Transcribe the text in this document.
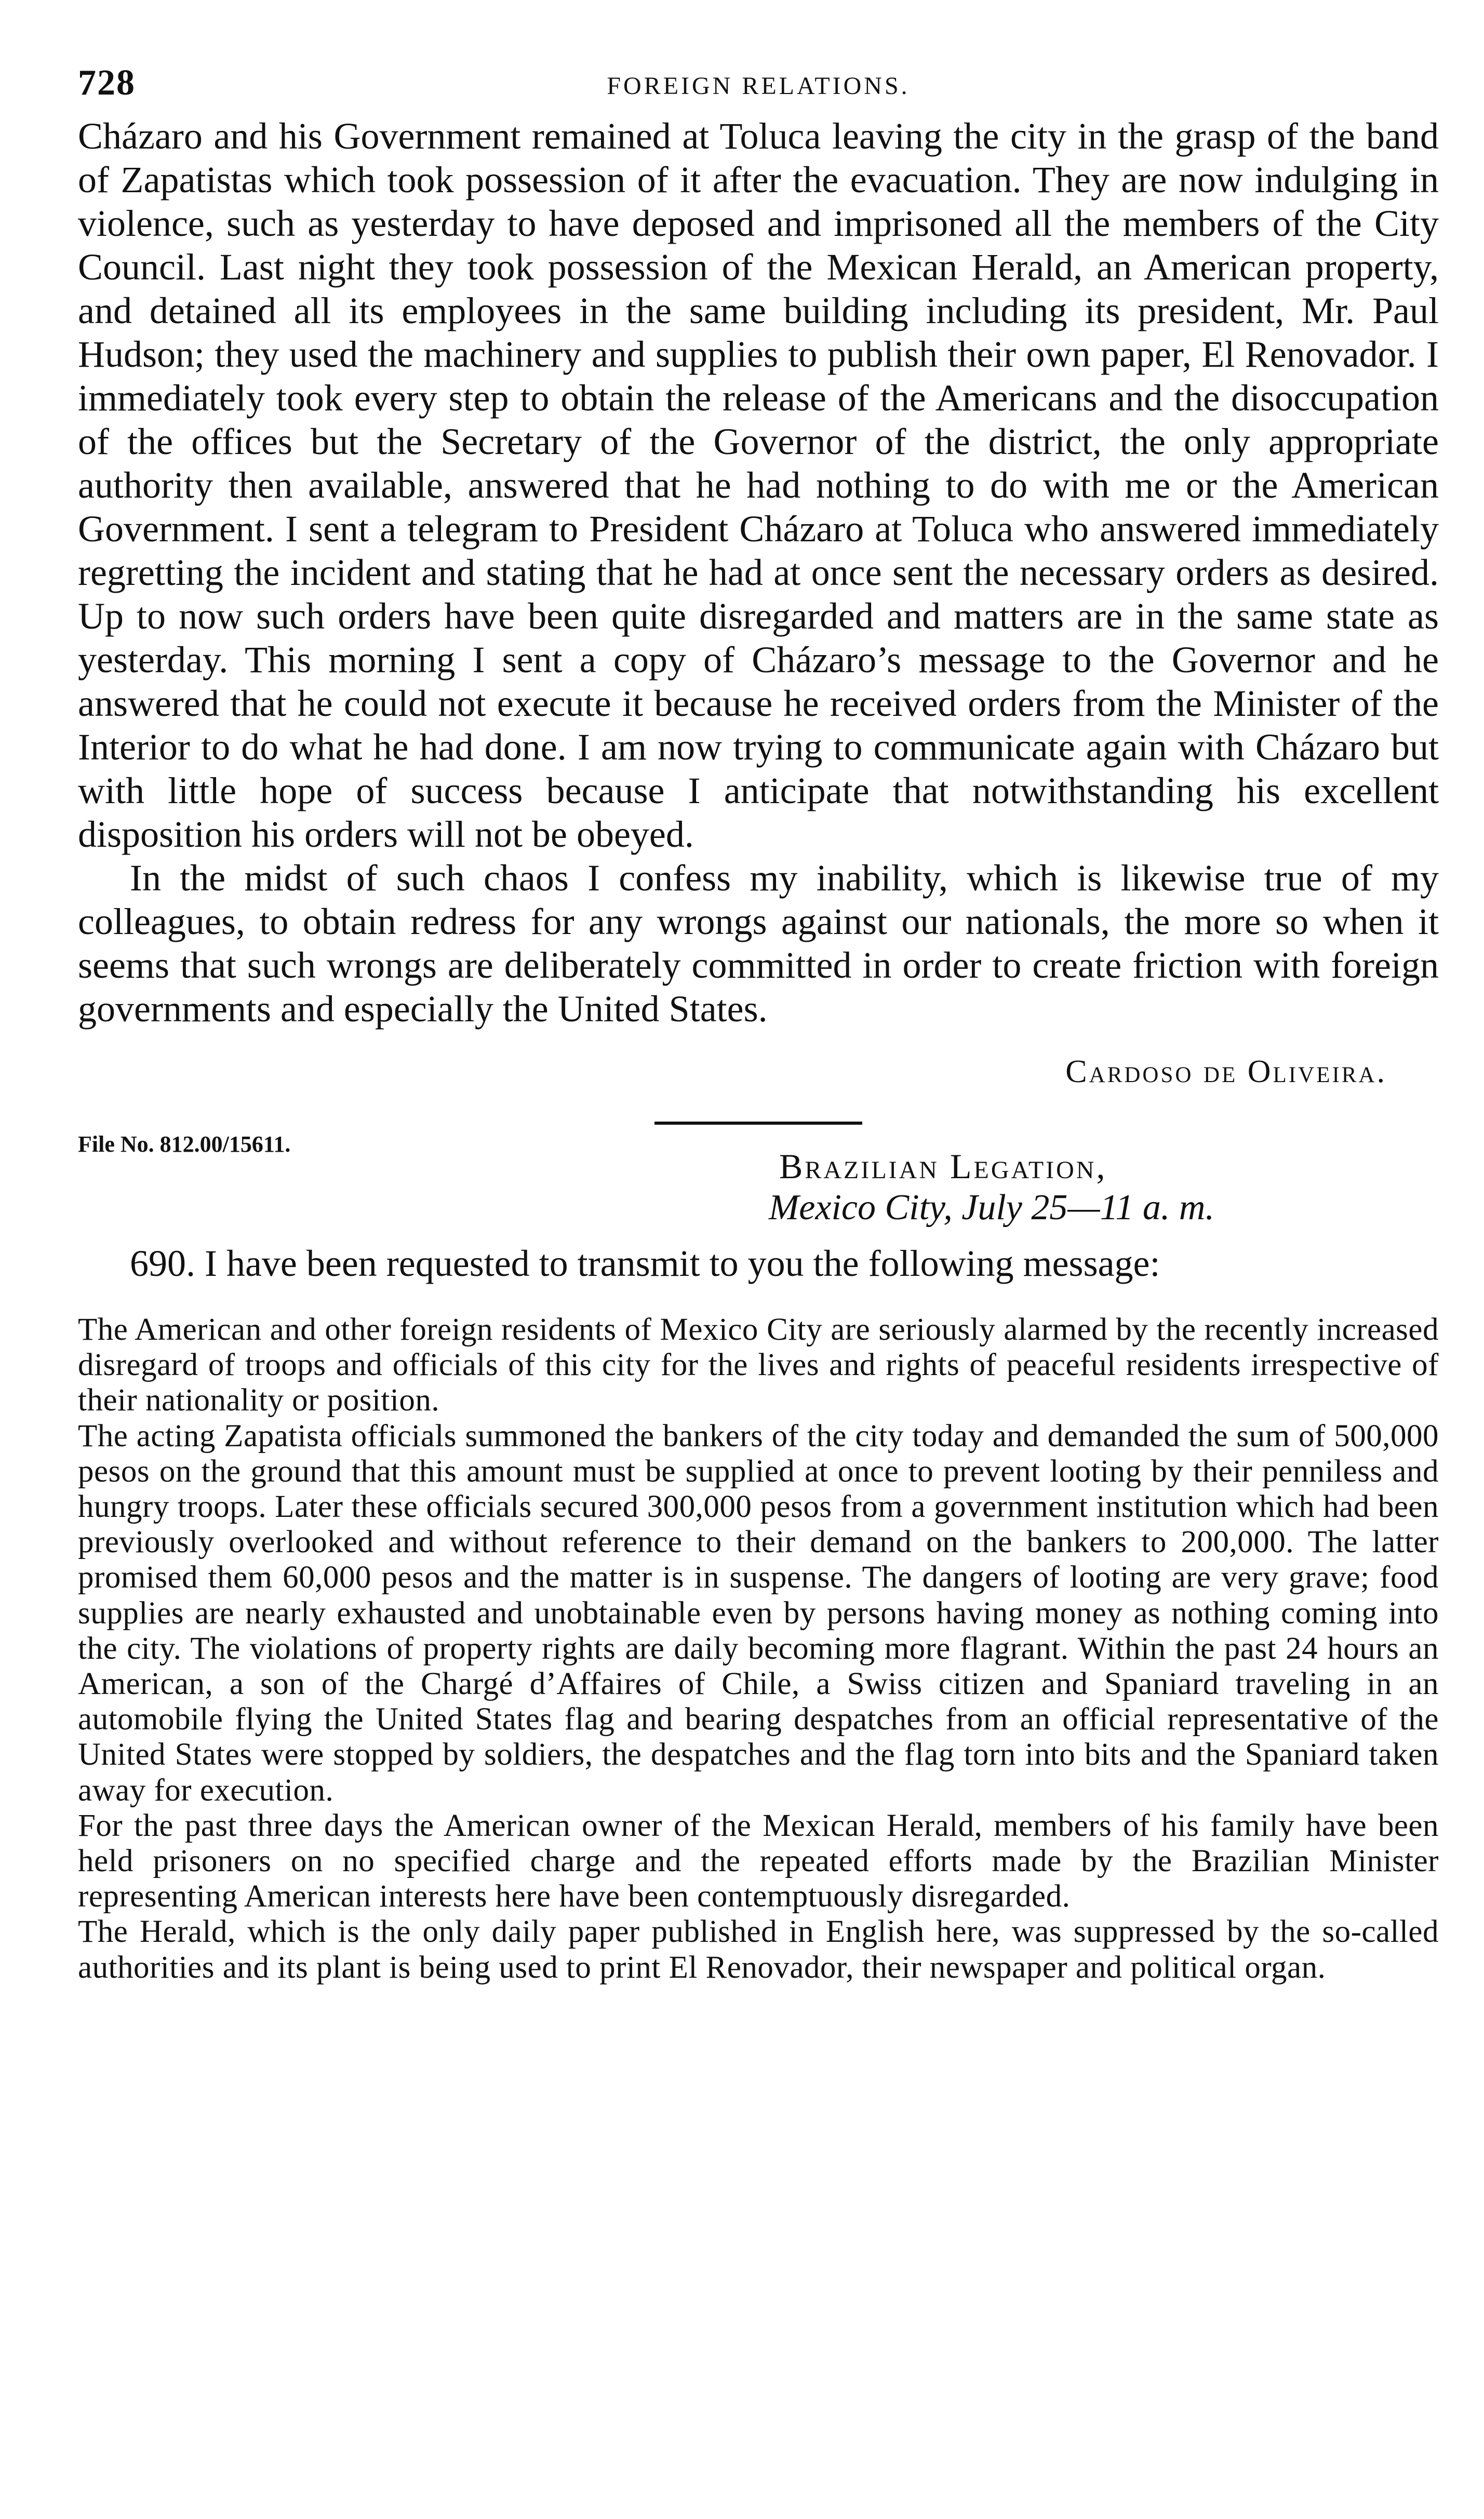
728	FOREIGN RELATIONS.

Cházaro and his Government remained at Toluca leaving the city in the grasp of the band of Zapatistas which took possession of it after the evacuation. They are now indulging in violence, such as yesterday to have deposed and imprisoned all the members of the City Council. Last night they took possession of the Mexican Herald, an American property, and detained all its employees in the same building including its president, Mr. Paul Hudson; they used the machinery and supplies to publish their own paper, El Renovador. I immediately took every step to obtain the release of the Americans and the disoccupation of the offices but the Secretary of the Governor of the district, the only appropriate authority then available, answered that he had nothing to do with me or the American Government. I sent a telegram to President Cházaro at Toluca who answered immediately regretting the incident and stating that he had at once sent the necessary orders as desired. Up to now such orders have been quite disregarded and matters are in the same state as yesterday. This morning I sent a copy of Cházaro’s message to the Governor and he answered that he could not execute it because he received orders from the Minister of the Interior to do what he had done. I am now trying to communicate again with Cházaro but with little hope of success because I anticipate that notwithstanding his excellent disposition his orders will not be obeyed.

In the midst of such chaos I confess my inability, which is likewise true of my colleagues, to obtain redress for any wrongs against our nationals, the more so when it seems that such wrongs are deliberately committed in order to create friction with foreign governments and especially the United States.

Cardoso de Oliveira.
File No. 812.00/15611.
Brazilian Legation,
Mexico City, July 25—11 a. m.

690. I have been requested to transmit to you the following message:

The American and other foreign residents of Mexico City are seriously alarmed by the recently increased disregard of troops and officials of this city for the lives and rights of peaceful residents irrespective of their nationality or position.

The acting Zapatista officials summoned the bankers of the city today and demanded the sum of 500,000 pesos on the ground that this amount must be supplied at once to prevent looting by their penniless and hungry troops. Later these officials secured 300,000 pesos from a government institution which had been previously overlooked and without reference to their demand on the bankers to 200,000. The latter promised them 60,000 pesos and the matter is in suspense. The dangers of looting are very grave; food supplies are nearly exhausted and unobtainable even by persons having money as nothing coming into the city. The violations of property rights are daily becoming more flagrant. Within the past 24 hours an American, a son of the Chargé d’Affaires of Chile, a Swiss citizen and Spaniard traveling in an automobile flying the United States flag and bearing despatches from an official representative of the United States were stopped by soldiers, the despatches and the flag torn into bits and the Spaniard taken away for execution.

For the past three days the American owner of the Mexican Herald, members of his family have been held prisoners on no specified charge and the repeated efforts made by the Brazilian Minister representing American interests here have been contemptuously disregarded.

The Herald, which is the only daily paper published in English here, was suppressed by the so-called authorities and its plant is being used to print El Renovador, their newspaper and political organ.
